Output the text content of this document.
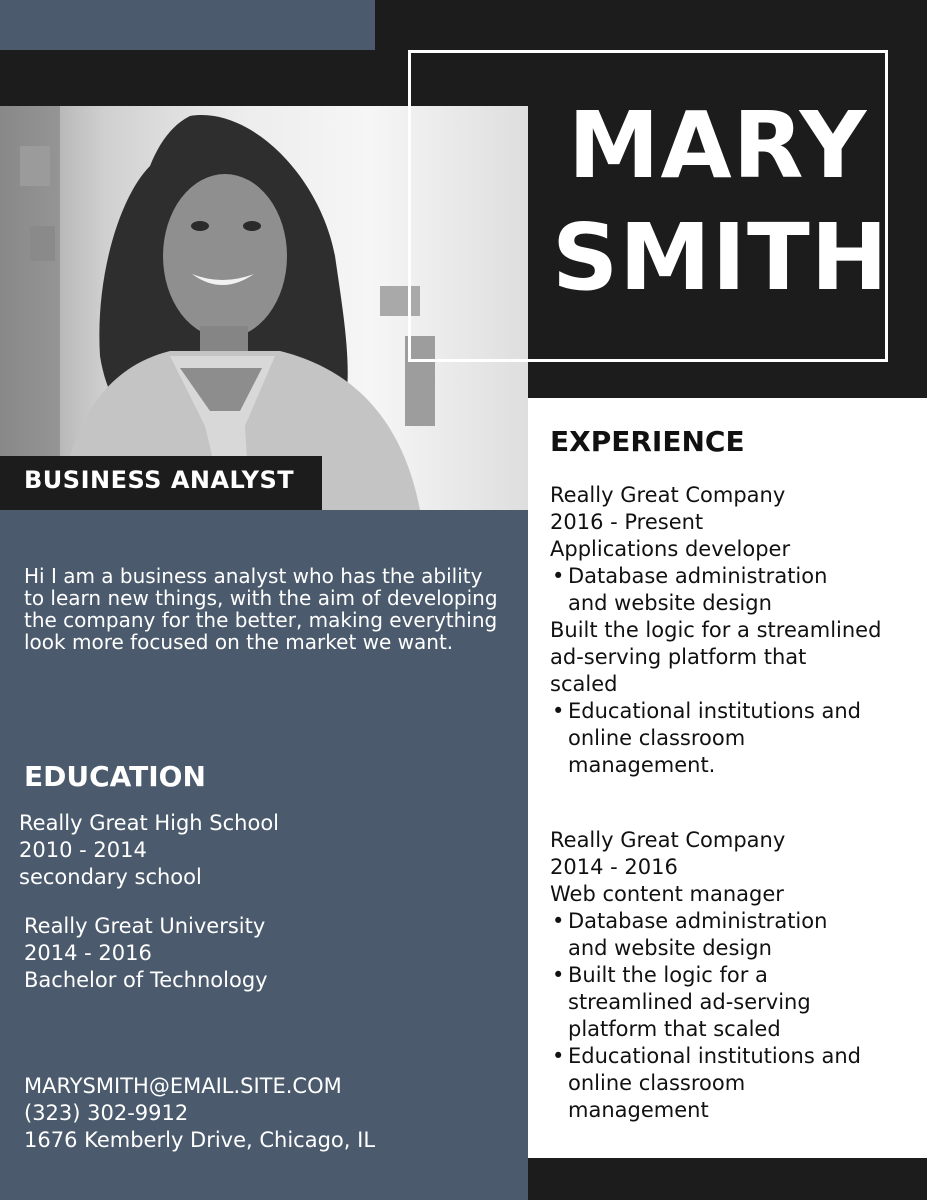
MARY
SMITH
BUSINESS ANALYST
Hi I am a business analyst who has the ability to learn new things, with the aim of developing the company for the better, making everything look more focused on the market we want.
EDUCATION
Really Great High School
2010 - 2014
secondary school
Really Great University
2014 - 2016
Bachelor of Technology
MARYSMITH@EMAIL.SITE.COM
(323) 302-9912
1676 Kemberly Drive, Chicago, IL
EXPERIENCE
Really Great Company
2016 - Present
Applications developer
• Database administration
and website design
Built the logic for a streamlined
ad-serving platform that
scaled
• Educational institutions and
online classroom
management.
Really Great Company
2014 - 2016
Web content manager
• Database administration
and website design
• Built the logic for a
streamlined ad-serving
platform that scaled
• Educational institutions and
online classroom
management
